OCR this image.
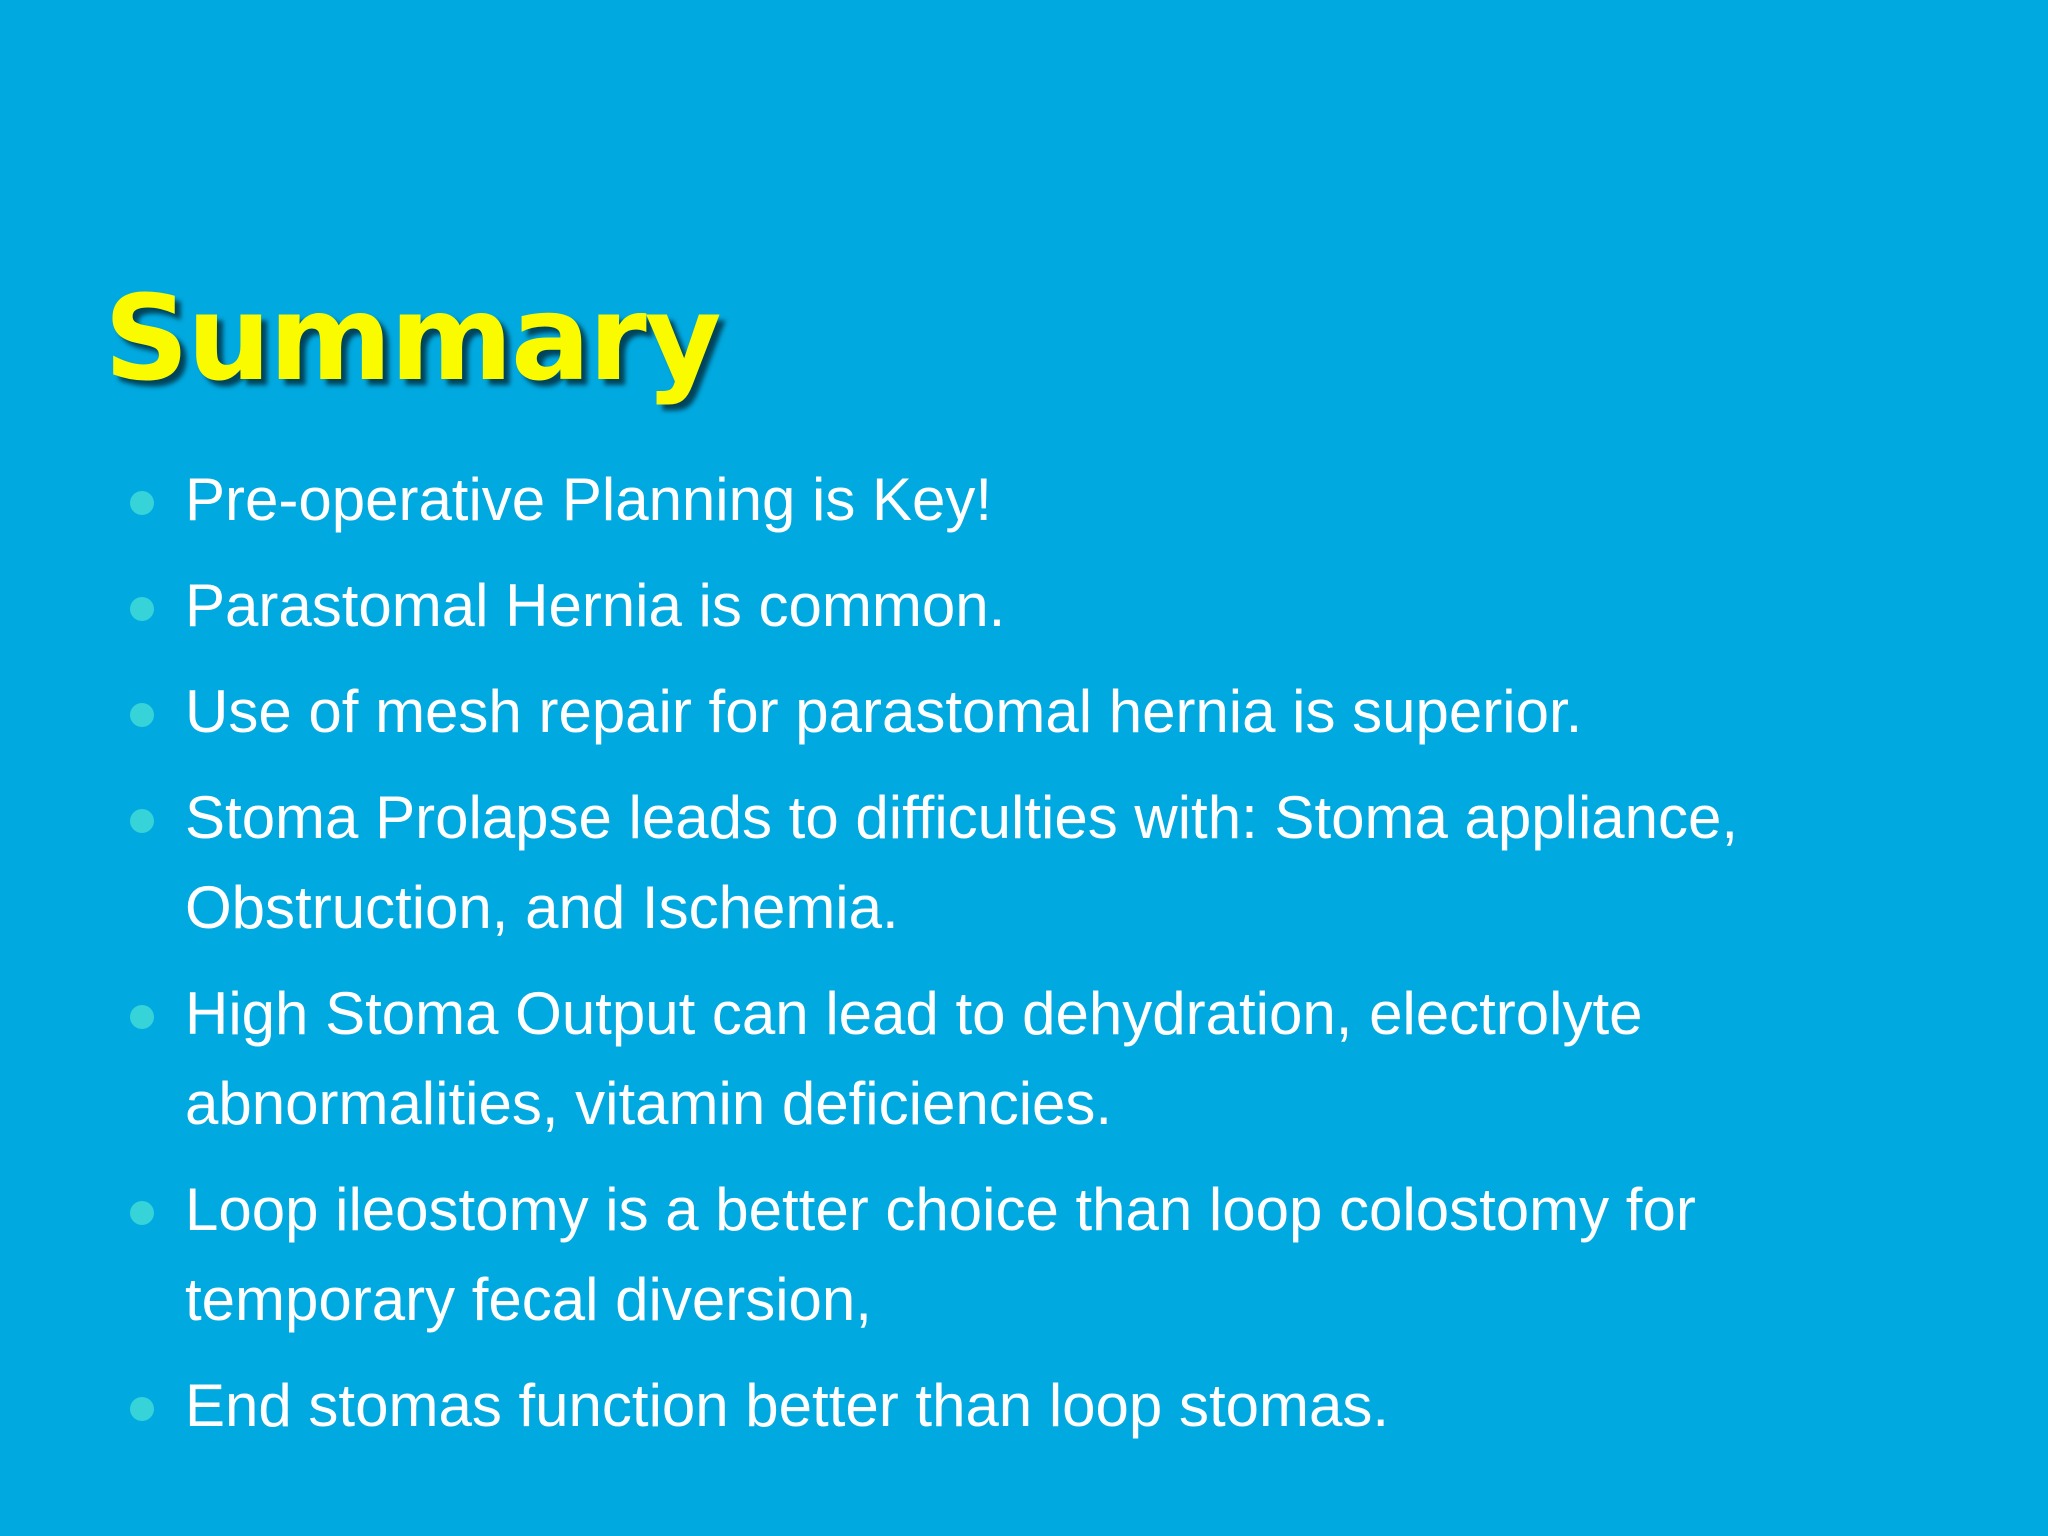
Summary
Pre-operative Planning is Key!
Parastomal Hernia is common.
Use of mesh repair for parastomal hernia is superior.
Stoma Prolapse leads to difficulties with: Stoma appliance, Obstruction, and Ischemia.
High Stoma Output can lead to dehydration, electrolyte abnormalities, vitamin deficiencies.
Loop ileostomy is a better choice than loop colostomy for temporary fecal diversion,
End stomas function better than loop stomas.
